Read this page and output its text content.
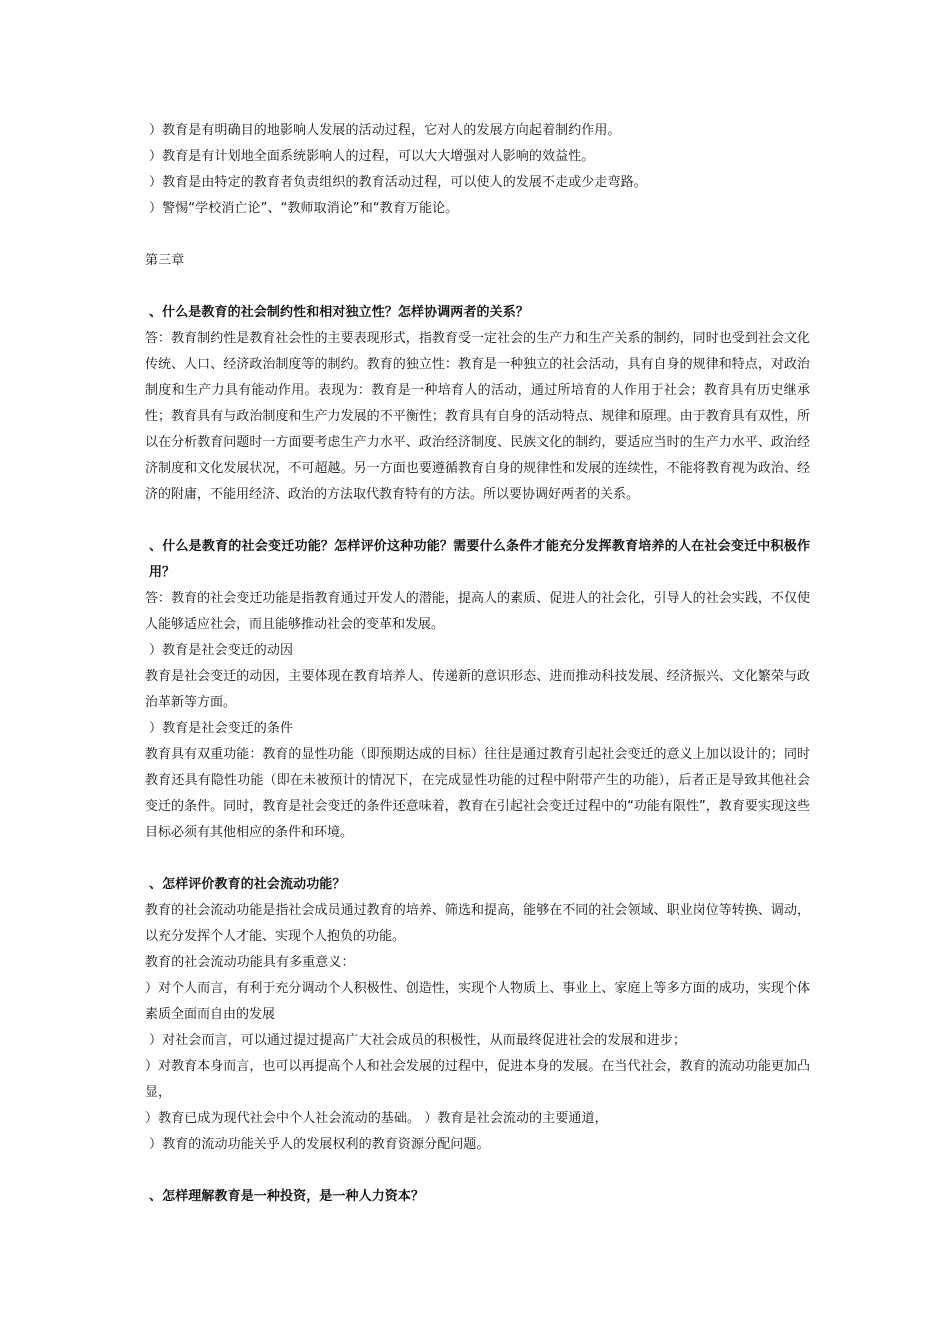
）教育是有明确目的地影响人发展的活动过程，它对人的发展方向起着制约作用。
）教育是有计划地全面系统影响人的过程，可以大大增强对人影响的效益性。
）教育是由特定的教育者负责组织的教育活动过程，可以使人的发展不走或少走弯路。
）警惕“学校消亡论”、“教师取消论”和“教育万能论。
第三章
、什么是教育的社会制约性和相对独立性？怎样协调两者的关系？
答：教育制约性是教育社会性的主要表现形式，指教育受一定社会的生产力和生产关系的制约，同时也受到社会文化传统、人口、经济政治制度等的制约。教育的独立性：教育是一种独立的社会活动，具有自身的规律和特点，对政治制度和生产力具有能动作用。表现为：教育是一种培育人的活动，通过所培育的人作用于社会；教育具有历史继承性；教育具有与政治制度和生产力发展的不平衡性；教育具有自身的活动特点、规律和原理。由于教育具有双性，所以在分析教育问题时一方面要考虑生产力水平、政治经济制度、民族文化的制约，要适应当时的生产力水平、政治经济制度和文化发展状况，不可超越。另一方面也要遵循教育自身的规律性和发展的连续性，不能将教育视为政治、经济的附庸，不能用经济、政治的方法取代教育特有的方法。所以要协调好两者的关系。
、什么是教育的社会变迁功能？怎样评价这种功能？需要什么条件才能充分发挥教育培养的人在社会变迁中积极作用？
答：教育的社会变迁功能是指教育通过开发人的潜能，提高人的素质、促进人的社会化，引导人的社会实践，不仅使人能够适应社会，而且能够推动社会的变革和发展。
）教育是社会变迁的动因
教育是社会变迁的动因，主要体现在教育培养人、传递新的意识形态、进而推动科技发展、经济振兴、文化繁荣与政治革新等方面。
）教育是社会变迁的条件
教育具有双重功能：教育的显性功能（即预期达成的目标）往往是通过教育引起社会变迁的意义上加以设计的；同时教育还具有隐性功能（即在未被预计的情况下，在完成显性功能的过程中附带产生的功能），后者正是导致其他社会变迁的条件。同时，教育是社会变迁的条件还意味着，教育在引起社会变迁过程中的“功能有限性”，教育要实现这些目标必须有其他相应的条件和环境。
、怎样评价教育的社会流动功能？
教育的社会流动功能是指社会成员通过教育的培养、筛选和提高，能够在不同的社会领域、职业岗位等转换、调动，以充分发挥个人才能、实现个人抱负的功能。
教育的社会流动功能具有多重意义：
）对个人而言，有利于充分调动个人积极性、创造性，实现个人物质上、事业上、家庭上等多方面的成功，实现个体素质全面而自由的发展
）对社会而言，可以通过提过提高广大社会成员的积极性，从而最终促进社会的发展和进步；
）对教育本身而言，也可以再提高个人和社会发展的过程中，促进本身的发展。在当代社会，教育的流动功能更加凸显，
）教育已成为现代社会中个人社会流动的基础。 ）教育是社会流动的主要通道，
）教育的流动功能关乎人的发展权利的教育资源分配问题。
、怎样理解教育是一种投资，是一种人力资本？
